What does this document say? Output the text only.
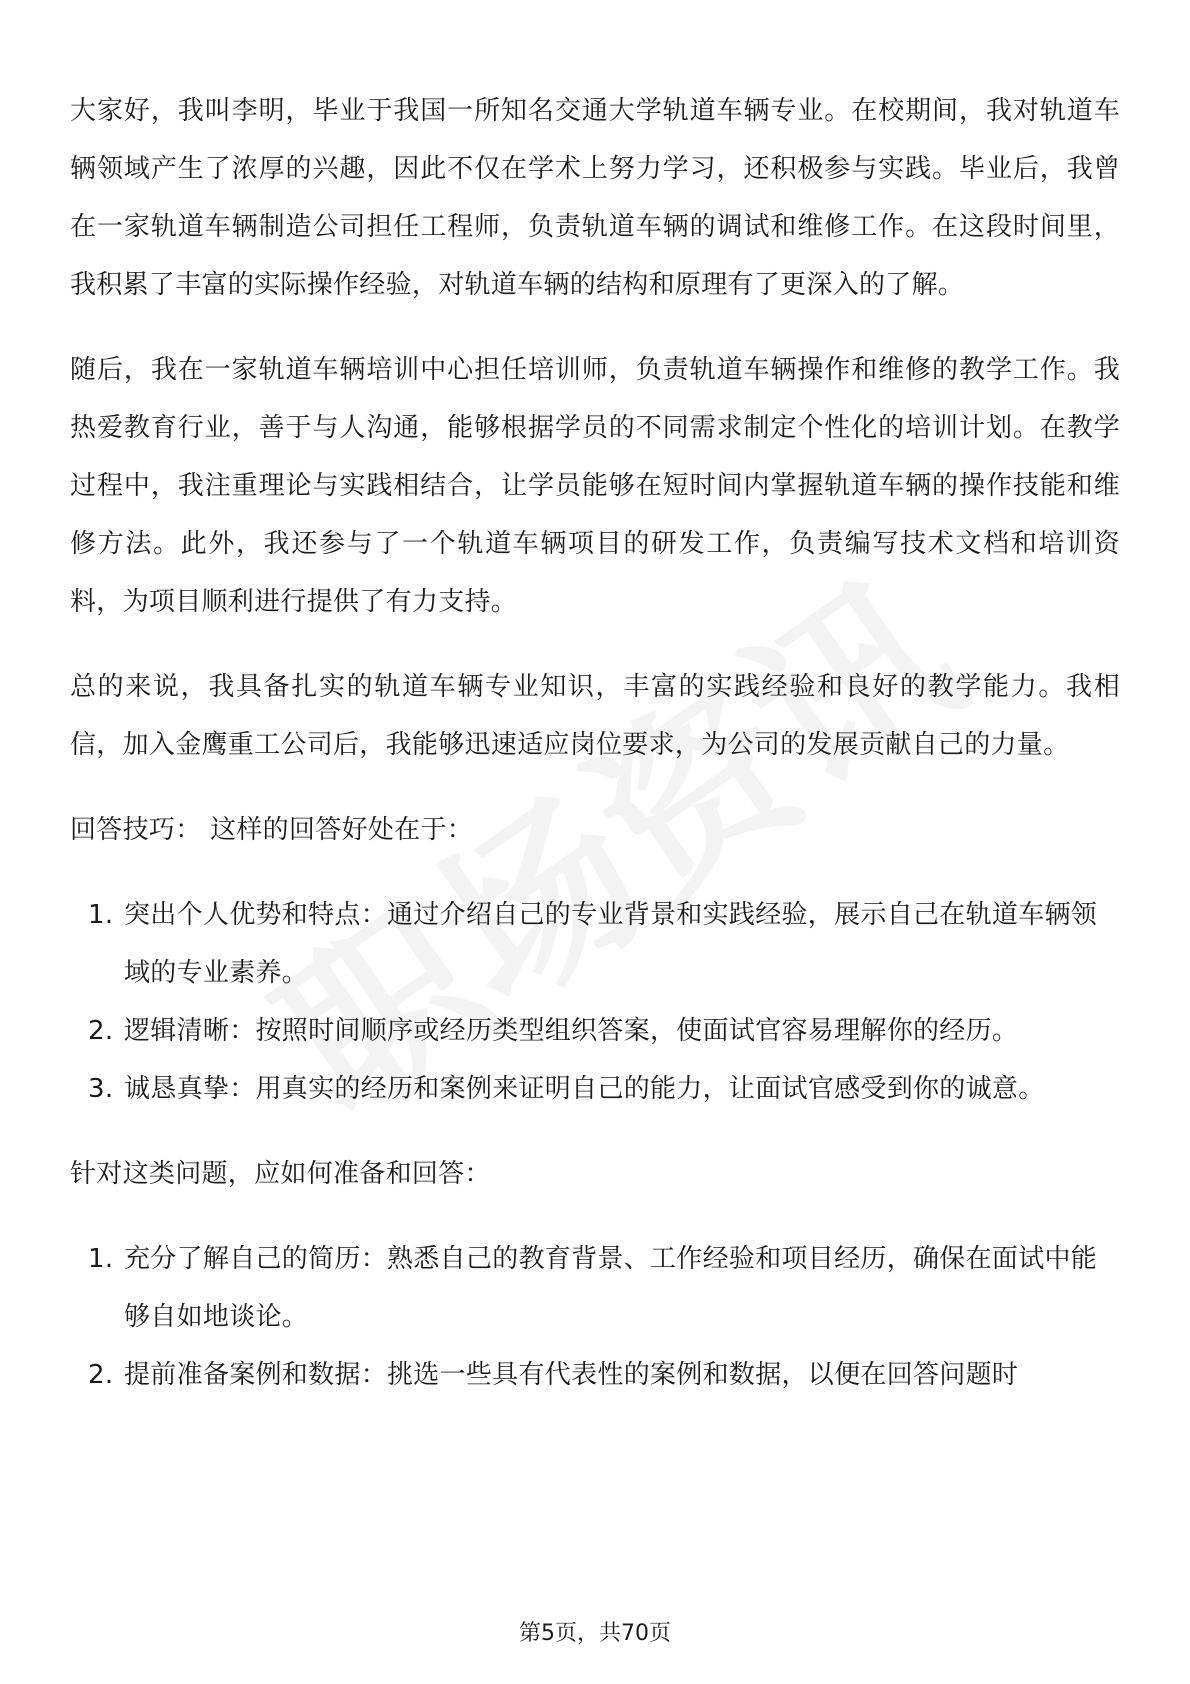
大家好，我叫李明，毕业于我国一所知名交通大学轨道车辆专业。在校期间，我对轨道车辆领域产生了浓厚的兴趣，因此不仅在学术上努力学习，还积极参与实践。毕业后，我曾在一家轨道车辆制造公司担任工程师，负责轨道车辆的调试和维修工作。在这段时间里，我积累了丰富的实际操作经验，对轨道车辆的结构和原理有了更深入的了解。

随后，我在一家轨道车辆培训中心担任培训师，负责轨道车辆操作和维修的教学工作。我热爱教育行业，善于与人沟通，能够根据学员的不同需求制定个性化的培训计划。在教学过程中，我注重理论与实践相结合，让学员能够在短时间内掌握轨道车辆的操作技能和维修方法。此外，我还参与了一个轨道车辆项目的研发工作，负责编写技术文档和培训资料，为项目顺利进行提供了有力支持。

总的来说，我具备扎实的轨道车辆专业知识，丰富的实践经验和良好的教学能力。我相信，加入金鹰重工公司后，我能够迅速适应岗位要求，为公司的发展贡献自己的力量。

回答技巧： 这样的回答好处在于：

1. 突出个人优势和特点：通过介绍自己的专业背景和实践经验，展示自己在轨道车辆领域的专业素养。
2. 逻辑清晰：按照时间顺序或经历类型组织答案，使面试官容易理解你的经历。
3. 诚恳真挚：用真实的经历和案例来证明自己的能力，让面试官感受到你的诚意。

针对这类问题，应如何准备和回答：

1. 充分了解自己的简历：熟悉自己的教育背景、工作经验和项目经历，确保在面试中能够自如地谈论。
2. 提前准备案例和数据：挑选一些具有代表性的案例和数据，以便在回答问题时
第5页，共70页
